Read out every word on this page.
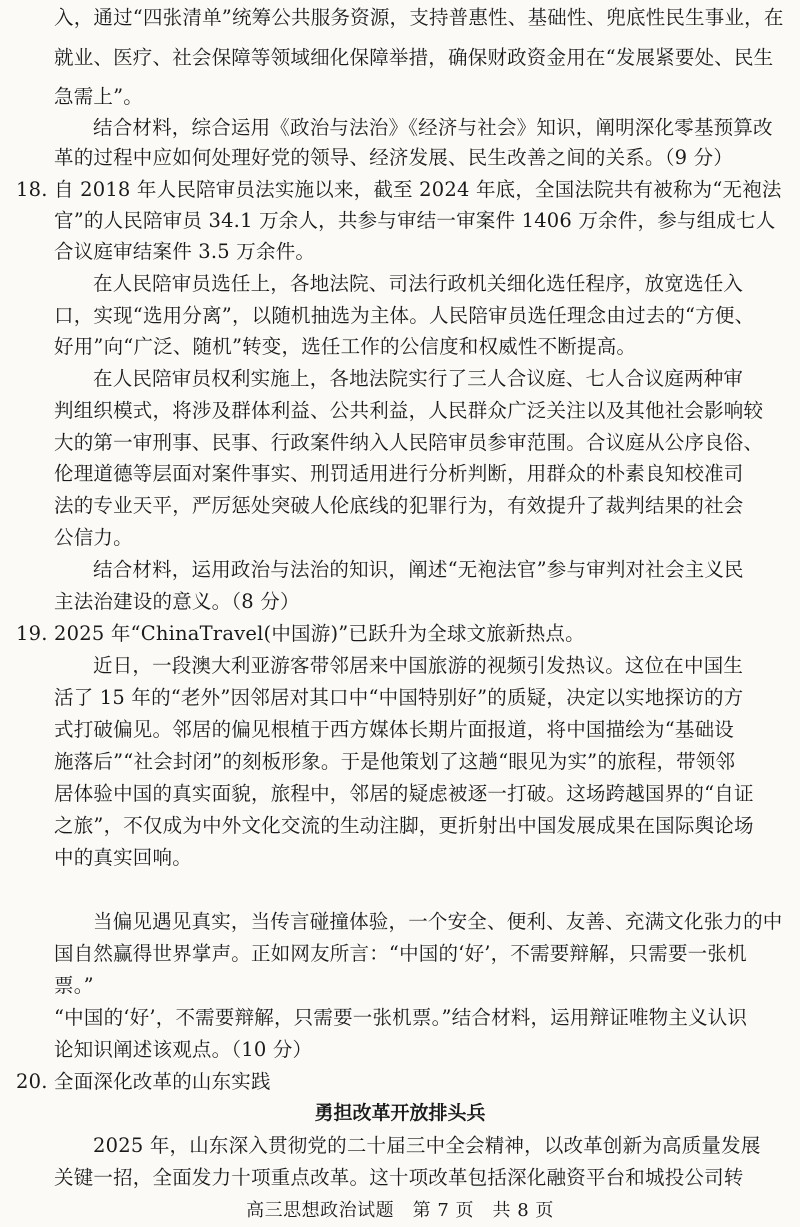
入，通过“四张清单”统筹公共服务资源，支持普惠性、基础性、兜底性民生事业，在
就业、医疗、社会保障等领域细化保障举措，确保财政资金用在“发展紧要处、民生
急需上”。
结合材料，综合运用《政治与法治》《经济与社会》知识，阐明深化零基预算改
革的过程中应如何处理好党的领导、经济发展、民生改善之间的关系。（9 分）
18. 自 2018 年人民陪审员法实施以来，截至 2024 年底，全国法院共有被称为“无袍法
官”的人民陪审员 34.1 万余人，共参与审结一审案件 1406 万余件，参与组成七人
合议庭审结案件 3.5 万余件。
在人民陪审员选任上，各地法院、司法行政机关细化选任程序，放宽选任入
口，实现“选用分离”，以随机抽选为主体。人民陪审员选任理念由过去的“方便、
好用”向“广泛、随机”转变，选任工作的公信度和权威性不断提高。
在人民陪审员权利实施上，各地法院实行了三人合议庭、七人合议庭两种审
判组织模式，将涉及群体利益、公共利益，人民群众广泛关注以及其他社会影响较
大的第一审刑事、民事、行政案件纳入人民陪审员参审范围。合议庭从公序良俗、
伦理道德等层面对案件事实、刑罚适用进行分析判断，用群众的朴素良知校准司
法的专业天平，严厉惩处突破人伦底线的犯罪行为，有效提升了裁判结果的社会
公信力。
结合材料，运用政治与法治的知识，阐述“无袍法官”参与审判对社会主义民
主法治建设的意义。（8 分）
19. 2025 年“ChinaTravel(中国游)”已跃升为全球文旅新热点。
近日，一段澳大利亚游客带邻居来中国旅游的视频引发热议。这位在中国生
活了 15 年的“老外”因邻居对其口中“中国特别好”的质疑，决定以实地探访的方
式打破偏见。邻居的偏见根植于西方媒体长期片面报道，将中国描绘为“基础设
施落后”“社会封闭”的刻板形象。于是他策划了这趟“眼见为实”的旅程，带领邻
居体验中国的真实面貌，旅程中，邻居的疑虑被逐一打破。这场跨越国界的“自证
之旅”，不仅成为中外文化交流的生动注脚，更折射出中国发展成果在国际舆论场
中的真实回响。
当偏见遇见真实，当传言碰撞体验，一个安全、便利、友善、充满文化张力的中
国自然赢得世界掌声。正如网友所言：“中国的‘好’，不需要辩解，只需要一张机
票。”
“中国的‘好’，不需要辩解，只需要一张机票。”结合材料，运用辩证唯物主义认识
论知识阐述该观点。（10 分）
20. 全面深化改革的山东实践
勇担改革开放排头兵
2025 年，山东深入贯彻党的二十届三中全会精神，以改革创新为高质量发展
关键一招，全面发力十项重点改革。这十项改革包括深化融资平台和城投公司转
高三思想政治试题　第 7 页　共 8 页
